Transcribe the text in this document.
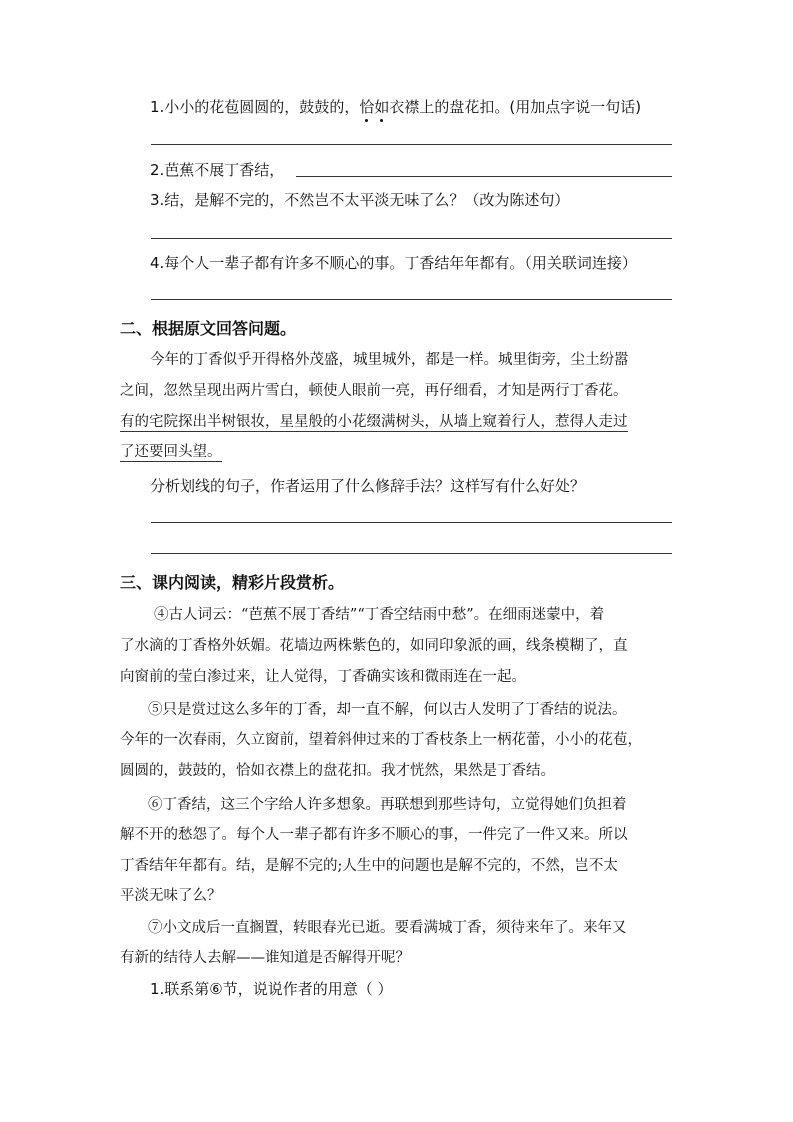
1.小小的花苞圆圆的，鼓鼓的，恰如衣襟上的盘花扣。(用加点字说一句话)
2.芭蕉不展丁香结，
3.结，是解不完的，不然岂不太平淡无味了么？（改为陈述句）
4.每个人一辈子都有许多不顺心的事。丁香结年年都有。（用关联词连接）
二、根据原文回答问题。
今年的丁香似乎开得格外茂盛，城里城外，都是一样。城里街旁，尘土纷嚣
之间，忽然呈现出两片雪白，顿使人眼前一亮，再仔细看，才知是两行丁香花。
有的宅院探出半树银妆，星星般的小花缀满树头，从墙上窥着行人，惹得人走过
了还要回头望。
分析划线的句子，作者运用了什么修辞手法？这样写有什么好处？
三、课内阅读，精彩片段赏析。
④古人词云：“芭蕉不展丁香结”“丁香空结雨中愁”。在细雨迷蒙中，着
了水滴的丁香格外妖媚。花墙边两株紫色的，如同印象派的画，线条模糊了，直
向窗前的莹白渗过来，让人觉得，丁香确实该和微雨连在一起。
⑤只是赏过这么多年的丁香，却一直不解，何以古人发明了丁香结的说法。
今年的一次春雨，久立窗前，望着斜伸过来的丁香枝条上一柄花蕾，小小的花苞，
圆圆的，鼓鼓的，恰如衣襟上的盘花扣。我才恍然，果然是丁香结。
⑥丁香结，这三个字给人许多想象。再联想到那些诗句，立觉得她们负担着
解不开的愁怨了。每个人一辈子都有许多不顺心的事，一件完了一件又来。所以
丁香结年年都有。结，是解不完的;人生中的问题也是解不完的，不然，岂不太
平淡无味了么？
⑦小文成后一直搁置，转眼春光已逝。要看满城丁香，须待来年了。来年又
有新的结待人去解——谁知道是否解得开呢？
1.联系第⑥节，说说作者的用意（ ）
